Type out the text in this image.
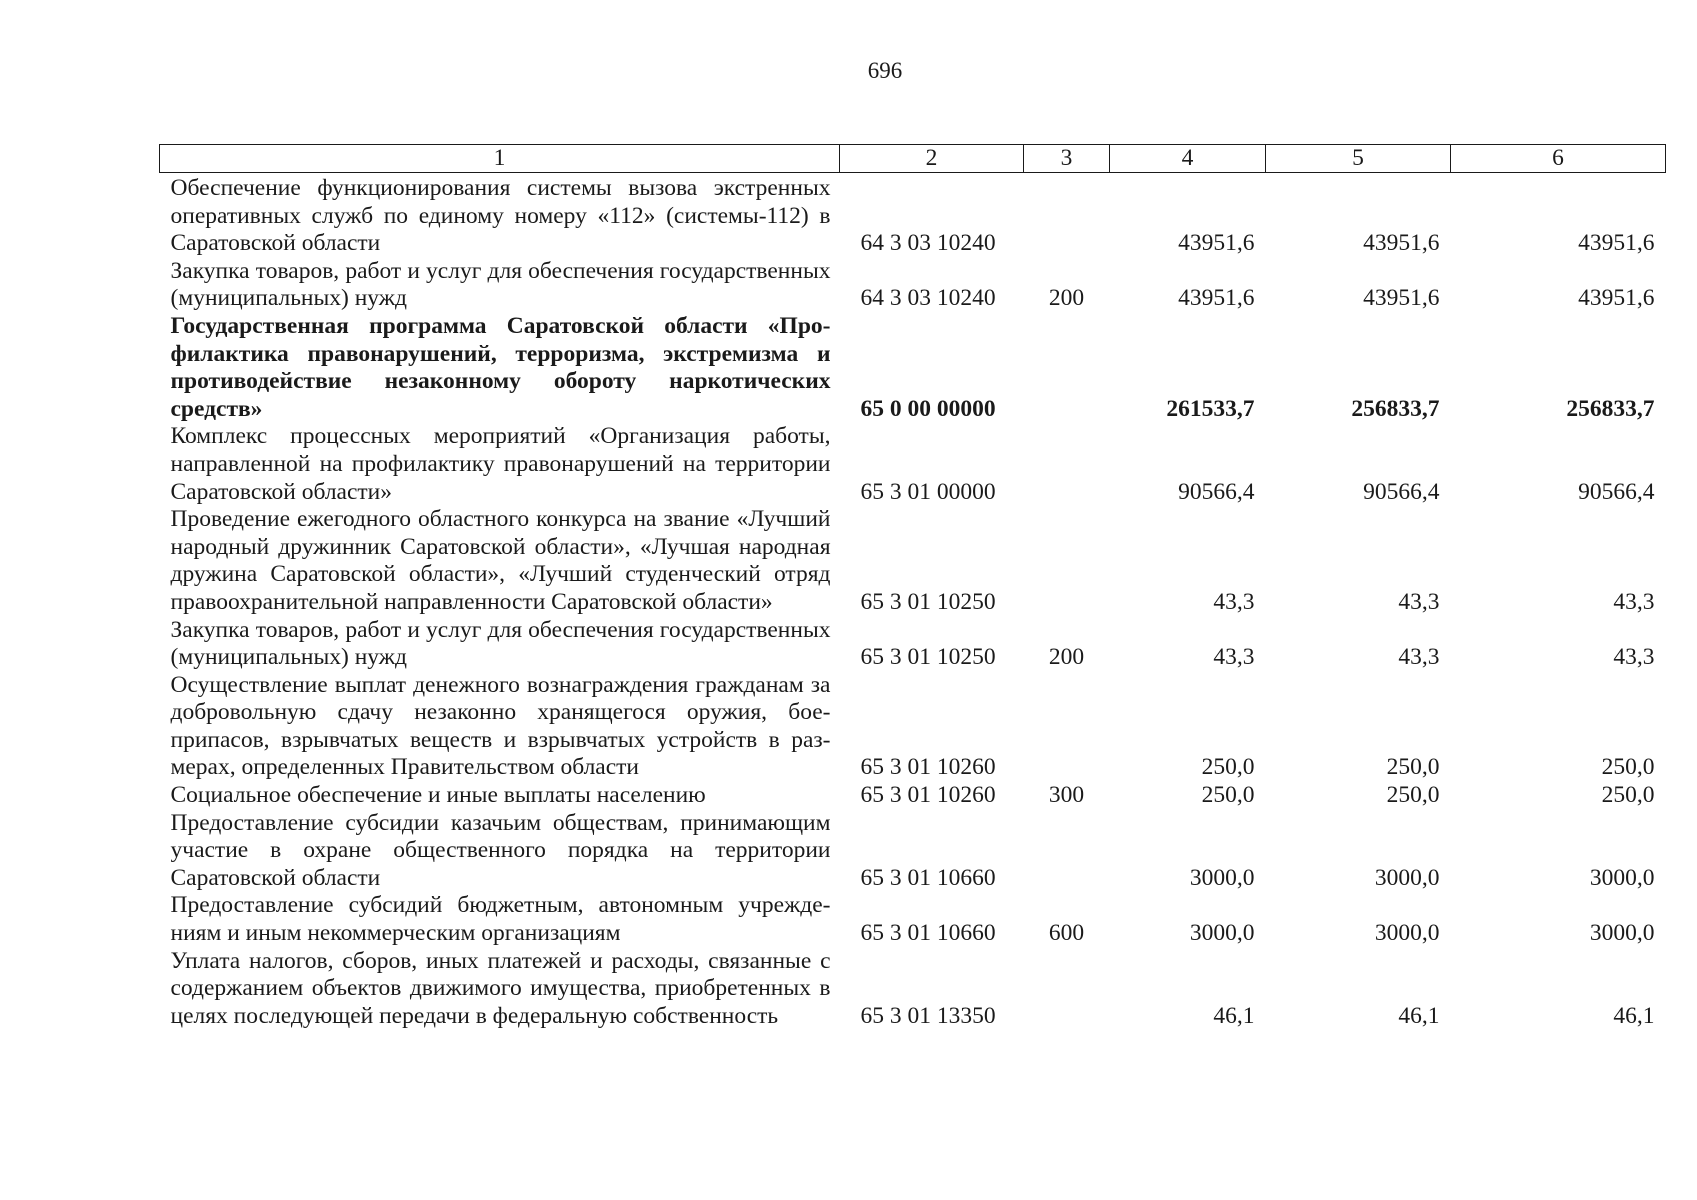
696
1	2	3	4	5	6
Обеспечение функционирования системы вызова экстренных оперативных служб по единому номеру «112» (системы-112) в Саратовской области	64 3 03 10240		43951,6	43951,6	43951,6
Закупка товаров, работ и услуг для обеспечения государственных (муниципальных) нужд	64 3 03 10240	200	43951,6	43951,6	43951,6
Государственная программа Саратовской области «Профилактика правонарушений, терроризма, экстремизма и противодействие незаконному обороту наркотических средств»	65 0 00 00000		261533,7	256833,7	256833,7
Комплекс процессных мероприятий «Организация работы, направленной на профилактику правонарушений на территории Саратовской области»	65 3 01 00000		90566,4	90566,4	90566,4
Проведение ежегодного областного конкурса на звание «Лучший народный дружинник Саратовской области», «Лучшая народная дружина Саратовской области», «Лучший студенческий отряд правоохранительной направленности Саратовской области»	65 3 01 10250		43,3	43,3	43,3
Закупка товаров, работ и услуг для обеспечения государственных (муниципальных) нужд	65 3 01 10250	200	43,3	43,3	43,3
Осуществление выплат денежного вознаграждения гражданам за добровольную сдачу незаконно хранящегося оружия, боеприпасов, взрывчатых веществ и взрывчатых устройств в размерах, определенных Правительством области	65 3 01 10260		250,0	250,0	250,0
Социальное обеспечение и иные выплаты населению	65 3 01 10260	300	250,0	250,0	250,0
Предоставление субсидии казачьим обществам, принимающим участие в охране общественного порядка на территории Саратовской области	65 3 01 10660		3000,0	3000,0	3000,0
Предоставление субсидий бюджетным, автономным учреждениям и иным некоммерческим организациям	65 3 01 10660	600	3000,0	3000,0	3000,0
Уплата налогов, сборов, иных платежей и расходы, связанные с содержанием объектов движимого имущества, приобретенных в целях последующей передачи в федеральную собственность	65 3 01 13350		46,1	46,1	46,1
